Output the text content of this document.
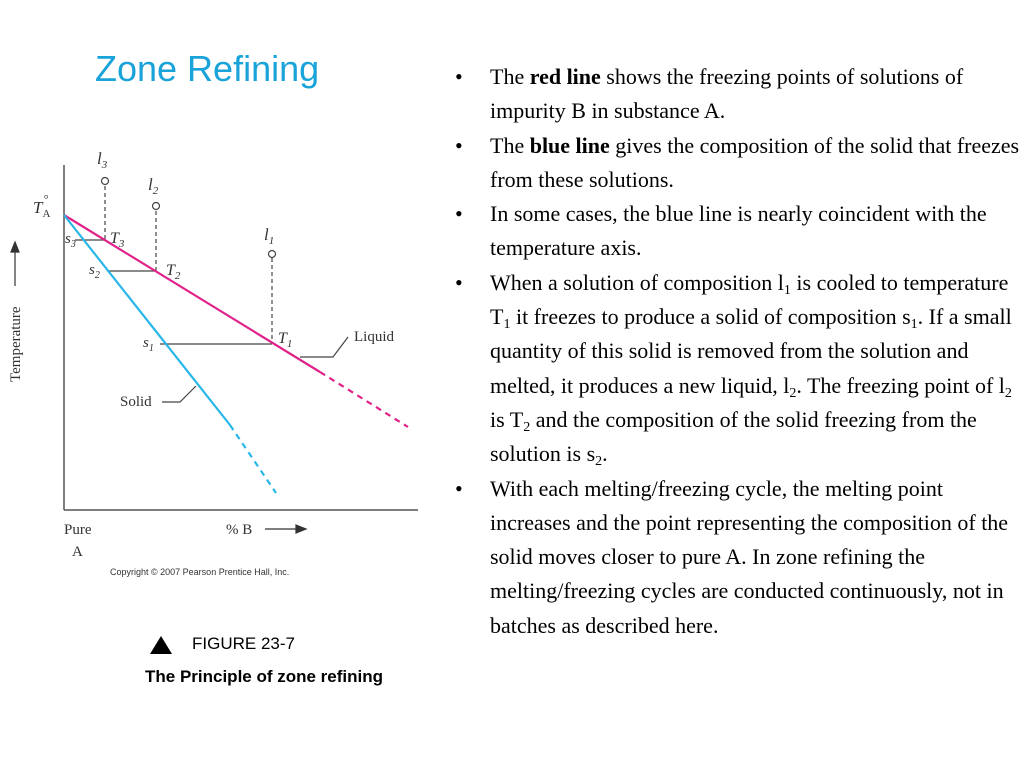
Zone Refining
$l_3$
$l_2$
$l_1$
$T_3$
$T_2$
$T_1$
$s_3$
$s_2$
$s_1$
$T_A^\circ$
Liquid
Solid
Temperature
% B
Pure
A
Copyright © 2007 Pearson Prentice Hall, Inc.
FIGURE 23-7
The Principle of zone refining
• The red line shows the freezing points of solutions of impurity B in substance A.
• The blue line gives the composition of the solid that freezes from these solutions.
• In some cases, the blue line is nearly coincident with the temperature axis.
• When a solution of composition $l_1$ is cooled to temperature $T_1$ it freezes to produce a solid of composition $s_1$. If a small quantity of this solid is removed from the solution and melted, it produces a new liquid, $l_2$. The freezing point of $l_2$ is $T_2$ and the composition of the solid freezing from the solution is $s_2$.
• With each melting/freezing cycle, the melting point increases and the point representing the composition of the solid moves closer to pure A. In zone refining the melting/freezing cycles are conducted continuously, not in batches as described here.
